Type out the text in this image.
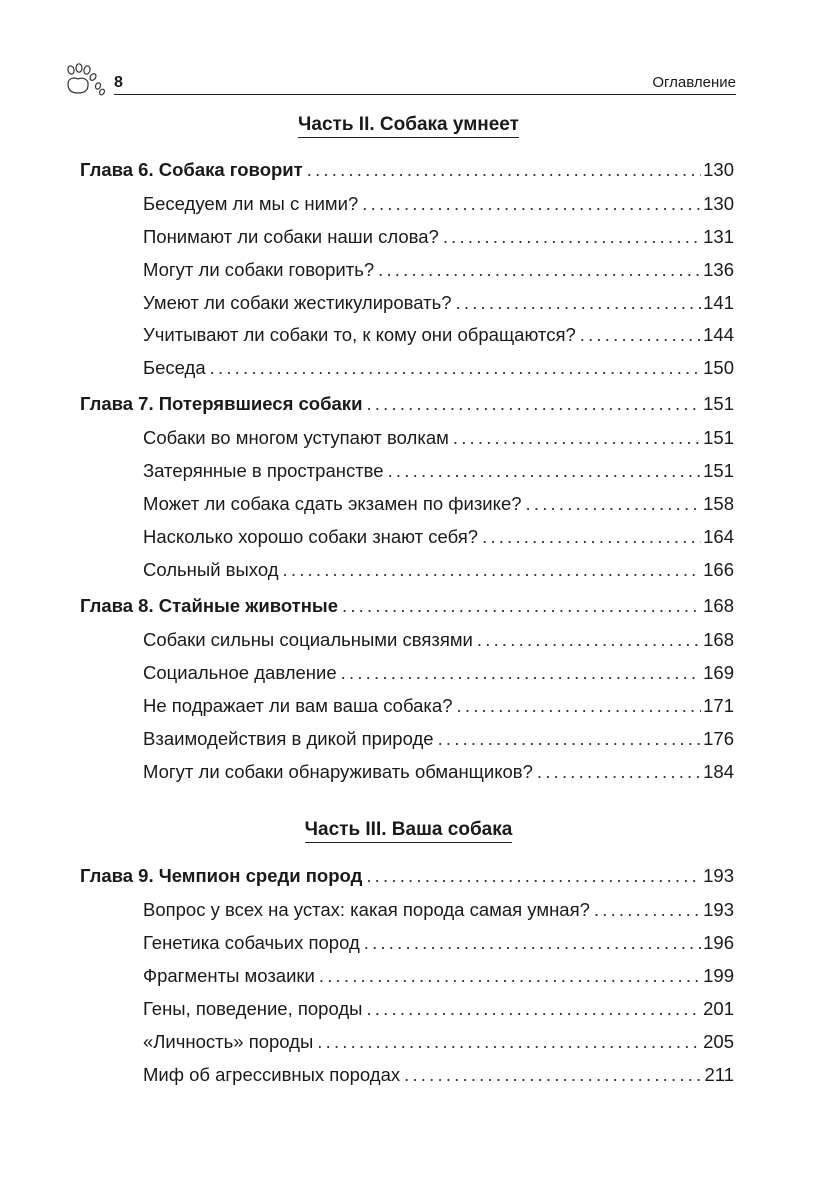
8	Оглавление
Часть II. Собака умнеет
Глава 6. Собака говорит .....	130
Беседуем ли мы с ними? .....	130
Понимают ли собаки наши слова? .....	131
Могут ли собаки говорить? .....	136
Умеют ли собаки жестикулировать? .....	141
Учитывают ли собаки то, к кому они обращаются? .....	144
Беседа .....	150
Глава 7. Потерявшиеся собаки .....	151
Собаки во многом уступают волкам .....	151
Затерянные в пространстве .....	151
Может ли собака сдать экзамен по физике? .....	158
Насколько хорошо собаки знают себя? .....	164
Сольный выход .....	166
Глава 8. Стайные животные .....	168
Собаки сильны социальными связями .....	168
Социальное давление .....	169
Не подражает ли вам ваша собака? .....	171
Взаимодействия в дикой природе .....	176
Могут ли собаки обнаруживать обманщиков? .....	184
Часть III. Ваша собака
Глава 9. Чемпион среди пород .....	193
Вопрос у всех на устах: какая порода самая умная? .....	193
Генетика собачьих пород .....	196
Фрагменты мозаики .....	199
Гены, поведение, породы .....	201
«Личность» породы .....	205
Миф об агрессивных породах .....	211
